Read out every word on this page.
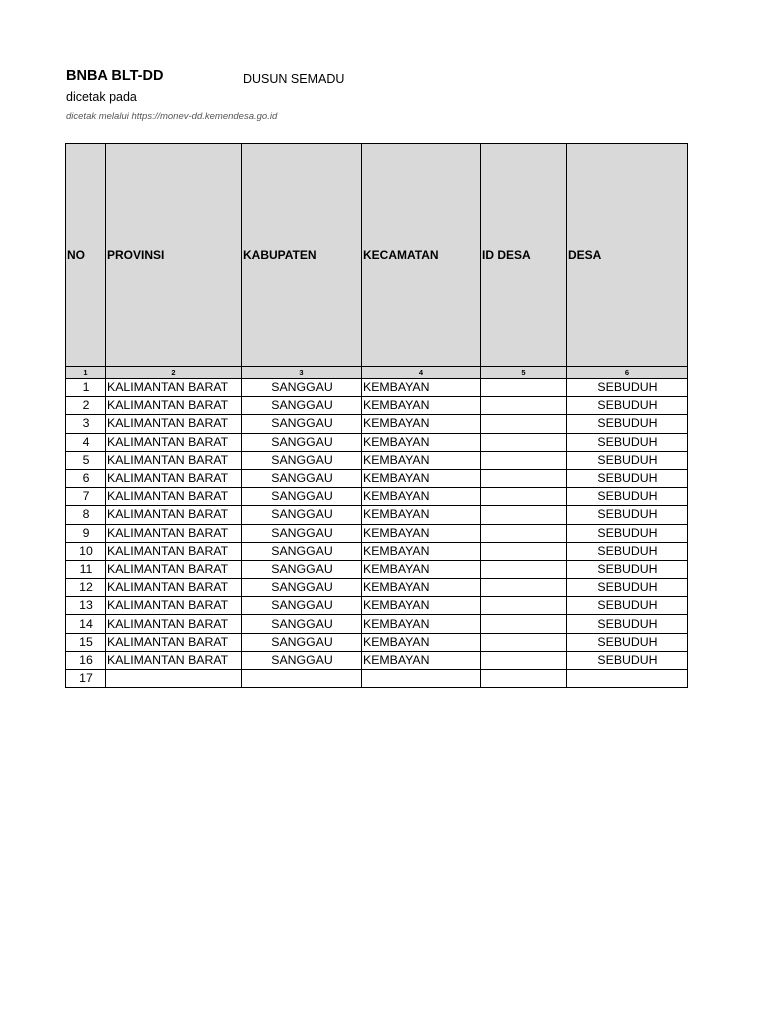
BNBA BLT-DD	DUSUN SEMADU
dicetak pada
dicetak melalui https://monev-dd.kemendesa.go.id
NO	PROVINSI	KABUPATEN	KECAMATAN	ID DESA	DESA
1	2	3	4	5	6
1	KALIMANTAN BARAT	SANGGAU	KEMBAYAN		SEBUDUH
2	KALIMANTAN BARAT	SANGGAU	KEMBAYAN		SEBUDUH
3	KALIMANTAN BARAT	SANGGAU	KEMBAYAN		SEBUDUH
4	KALIMANTAN BARAT	SANGGAU	KEMBAYAN		SEBUDUH
5	KALIMANTAN BARAT	SANGGAU	KEMBAYAN		SEBUDUH
6	KALIMANTAN BARAT	SANGGAU	KEMBAYAN		SEBUDUH
7	KALIMANTAN BARAT	SANGGAU	KEMBAYAN		SEBUDUH
8	KALIMANTAN BARAT	SANGGAU	KEMBAYAN		SEBUDUH
9	KALIMANTAN BARAT	SANGGAU	KEMBAYAN		SEBUDUH
10	KALIMANTAN BARAT	SANGGAU	KEMBAYAN		SEBUDUH
11	KALIMANTAN BARAT	SANGGAU	KEMBAYAN		SEBUDUH
12	KALIMANTAN BARAT	SANGGAU	KEMBAYAN		SEBUDUH
13	KALIMANTAN BARAT	SANGGAU	KEMBAYAN		SEBUDUH
14	KALIMANTAN BARAT	SANGGAU	KEMBAYAN		SEBUDUH
15	KALIMANTAN BARAT	SANGGAU	KEMBAYAN		SEBUDUH
16	KALIMANTAN BARAT	SANGGAU	KEMBAYAN		SEBUDUH
17					
